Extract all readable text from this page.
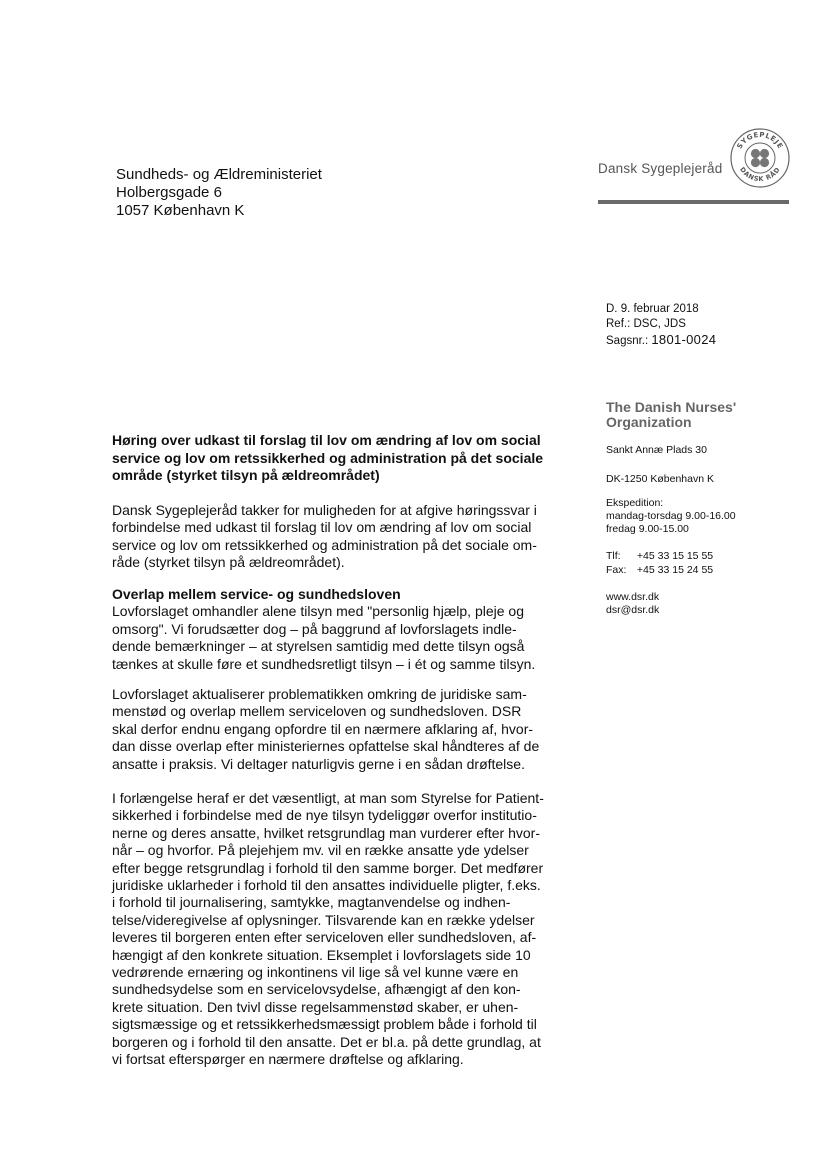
Sundheds- og Ældreministeriet
Holbergsgade 6
1057 København K
Dansk Sygeplejeråd
SYGEPLEJE
DANSK RÅD
D. 9. februar 2018
Ref.: DSC, JDS
Sagsnr.: 1801-0024
The Danish Nurses'
Organization
Sankt Annæ Plads 30
DK-1250 København K
Ekspedition:
mandag-torsdag 9.00-16.00
fredag 9.00-15.00
Tlf: +45 33 15 15 55
Fax: +45 33 15 24 55
www.dsr.dk
dsr@dsr.dk
Høring over udkast til forslag til lov om ændring af lov om social
service og lov om retssikkerhed og administration på det sociale
område (styrket tilsyn på ældreområdet)
Dansk Sygeplejeråd takker for muligheden for at afgive høringssvar i
forbindelse med udkast til forslag til lov om ændring af lov om social
service og lov om retssikkerhed og administration på det sociale om-
råde (styrket tilsyn på ældreområdet).
Overlap mellem service- og sundhedsloven
Lovforslaget omhandler alene tilsyn med "personlig hjælp, pleje og
omsorg". Vi forudsætter dog – på baggrund af lovforslagets indle-
dende bemærkninger – at styrelsen samtidig med dette tilsyn også
tænkes at skulle føre et sundhedsretligt tilsyn – i ét og samme tilsyn.
Lovforslaget aktualiserer problematikken omkring de juridiske sam-
menstød og overlap mellem serviceloven og sundhedsloven. DSR
skal derfor endnu engang opfordre til en nærmere afklaring af, hvor-
dan disse overlap efter ministeriernes opfattelse skal håndteres af de
ansatte i praksis. Vi deltager naturligvis gerne i en sådan drøftelse.
I forlængelse heraf er det væsentligt, at man som Styrelse for Patient-
sikkerhed i forbindelse med de nye tilsyn tydeliggør overfor institutio-
nerne og deres ansatte, hvilket retsgrundlag man vurderer efter hvor-
når – og hvorfor. På plejehjem mv. vil en række ansatte yde ydelser
efter begge retsgrundlag i forhold til den samme borger. Det medfører
juridiske uklarheder i forhold til den ansattes individuelle pligter, f.eks.
i forhold til journalisering, samtykke, magtanvendelse og indhen-
telse/videregivelse af oplysninger. Tilsvarende kan en række ydelser
leveres til borgeren enten efter serviceloven eller sundhedsloven, af-
hængigt af den konkrete situation. Eksemplet i lovforslagets side 10
vedrørende ernæring og inkontinens vil lige så vel kunne være en
sundhedsydelse som en servicelovsydelse, afhængigt af den kon-
krete situation. Den tvivl disse regelsammenstød skaber, er uhen-
sigtsmæssige og et retssikkerhedsmæssigt problem både i forhold til
borgeren og i forhold til den ansatte. Det er bl.a. på dette grundlag, at
vi fortsat efterspørger en nærmere drøftelse og afklaring.
